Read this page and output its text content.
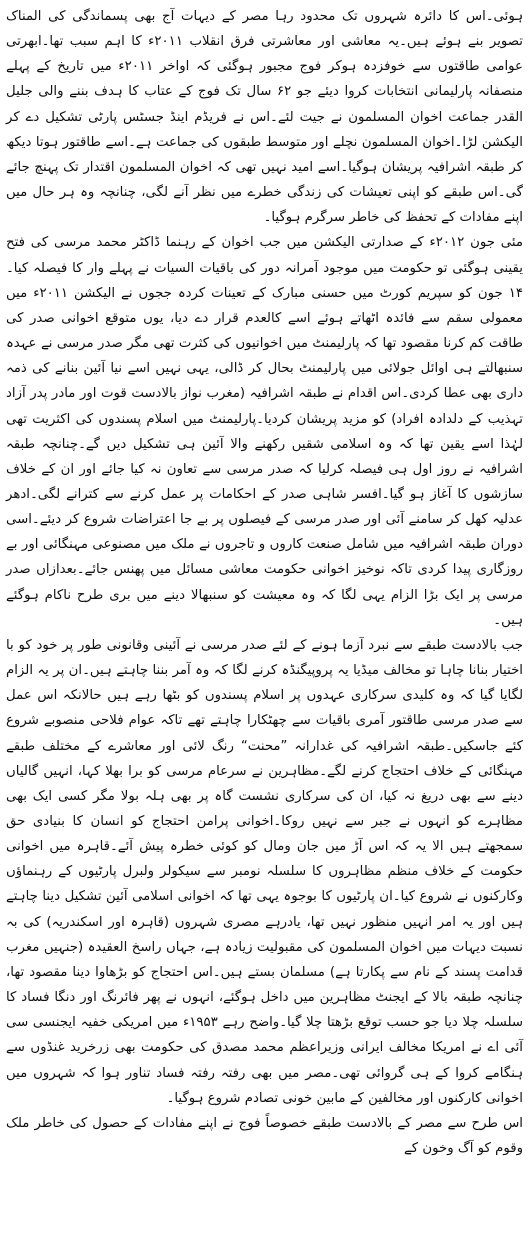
ہوئی۔اس کا دائرہ شہروں تک محدود رہا مصر کے دیہات آج بھی پسماندگی کی المناک تصویر بنے ہوئے ہیں۔یہ معاشی اور معاشرتی فرق انقلاب ۲۰۱۱ء کا اہم سبب تھا۔ابھرتی عوامی طاقتوں سے خوفزدہ ہوکر فوج مجبور ہوگئی کہ اواخر ۲۰۱۱ء میں تاریخ کے پہلے منصفانہ پارلیمانی انتخابات کروا دیئے جو ۶۲ سال تک فوج کے عتاب کا ہدف بننے والی جلیل القدر جماعت اخوان المسلمون نے جیت لئے۔اس نے فریڈم اینڈ جسٹس پارٹی تشکیل دے کر الیکشن لڑا۔اخوان المسلمون نچلے اور متوسط طبقوں کی جماعت ہے۔اسے طاقتور ہوتا دیکھ کر طبقہ اشرافیہ پریشان ہوگیا۔اسے امید نہیں تھی کہ اخوان المسلمون اقتدار تک پہنچ جائے گی۔اس طبقے کو اپنی تعیشات کی زندگی خطرے میں نظر آنے لگی، چنانچہ وہ ہر حال میں اپنے مفادات کے تحفظ کی خاطر سرگرم ہوگیا۔

مئی جون ۲۰۱۲ء کے صدارتی الیکشن میں جب اخوان کے رہنما ڈاکٹر محمد مرسی کی فتح یقینی ہوگئی تو حکومت میں موجود آمرانہ دور کی باقیات السیات نے پہلے وار کا فیصلہ کیا۔۱۴ جون کو سپریم کورٹ میں حسنی مبارک کے تعینات کردہ ججوں نے الیکشن ۲۰۱۱ء میں معمولی سقم سے فائدہ اٹھاتے ہوئے اسے کالعدم قرار دے دیا، یوں متوقع اخوانی صدر کی طاقت کم کرنا مقصود تھا کہ پارلیمنٹ میں اخوانیوں کی کثرت تھی مگر صدر مرسی نے عہدہ سنبھالتے ہی اوائل جولائی میں پارلیمنٹ بحال کر ڈالی، یہی نہیں اسے نیا آئین بنانے کی ذمہ داری بھی عطا کردی۔اس اقدام نے طبقہ اشرافیہ (مغرب نواز بالادست قوت اور مادر پدر آزاد تہذیب کے دلدادہ افراد) کو مزید پریشان کردیا۔پارلیمنٹ میں اسلام پسندوں کی اکثریت تھی لہٰذا اسے یقین تھا کہ وہ اسلامی شقیں رکھنے والا آئین ہی تشکیل دیں گے۔چنانچہ طبقہ اشرافیہ نے روز اول ہی فیصلہ کرلیا کہ صدر مرسی سے تعاون نہ کیا جائے اور ان کے خلاف سازشوں کا آغاز ہو گیا۔افسر شاہی صدر کے احکامات پر عمل کرنے سے کترانے لگی۔ادھر عدلیہ کھل کر سامنے آئی اور صدر مرسی کے فیصلوں پر بے جا اعتراضات شروع کر دیئے۔اسی دوران طبقہ اشرافیہ میں شامل صنعت کاروں و تاجروں نے ملک میں مصنوعی مہنگائی اور بے روزگاری پیدا کردی تاکہ نوخیز اخوانی حکومت معاشی مسائل میں پھنس جائے۔بعدازاں صدر مرسی پر ایک بڑا الزام یہی لگا کہ وہ معیشت کو سنبھالا دینے میں بری طرح ناکام ہوگئے ہیں۔

جب بالادست طبقے سے نبرد آزما ہونے کے لئے صدر مرسی نے آئینی وقانونی طور پر خود کو با اختیار بنانا چاہا تو مخالف میڈیا یہ پروپیگنڈہ کرنے لگا کہ وہ آمر بننا چاہتے ہیں۔ان پر یہ الزام لگایا گیا کہ وہ کلیدی سرکاری عہدوں پر اسلام پسندوں کو بٹھا رہے ہیں حالانکہ اس عمل سے صدر مرسی طاقتور آمری باقیات سے چھٹکارا چاہتے تھے تاکہ عوام فلاحی منصوبے شروع کئے جاسکیں۔طبقہ اشرافیہ کی غدارانہ ”محنت“ رنگ لائی اور معاشرے کے مختلف طبقے مہنگائی کے خلاف احتجاج کرنے لگے۔مظاہرین نے سرعام مرسی کو برا بھلا کہا، انہیں گالیاں دینے سے بھی دریغ نہ کیا، ان کی سرکاری نشست گاہ پر بھی ہلہ بولا مگر کسی ایک بھی مظاہرے کو انہوں نے جبر سے نہیں روکا۔اخوانی پرامن احتجاج کو انسان کا بنیادی حق سمجھتے ہیں الا یہ کہ اس آڑ میں جان ومال کو کوئی خطرہ پیش آئے۔قاہرہ میں اخوانی حکومت کے خلاف منظم مظاہروں کا سلسلہ نومبر سے سیکولر ولبرل پارٹیوں کے رہنماؤں وکارکنوں نے شروع کیا۔ان پارٹیوں کا بوجوہ یہی تھا کہ اخوانی اسلامی آئین تشکیل دینا چاہتے ہیں اور یہ امر انہیں منظور نہیں تھا، یادرہے مصری شہروں (قاہرہ اور اسکندریہ) کی بہ نسبت دیہات میں اخوان المسلمون کی مقبولیت زیادہ ہے، جہاں راسخ العقیدہ (جنہیں مغرب قدامت پسند کے نام سے پکارتا ہے) مسلمان بستے ہیں۔اس احتجاج کو بڑھاوا دینا مقصود تھا، چنانچہ طبقہ بالا کے ایجنٹ مظاہرین میں داخل ہوگئے، انہوں نے پھر فائرنگ اور دنگا فساد کا سلسلہ چلا دیا جو حسب توقع بڑھتا چلا گیا۔واضح رہے ۱۹۵۳ء میں امریکی خفیہ ایجنسی سی آئی اے نے امریکا مخالف ایرانی وزیراعظم محمد مصدق کی حکومت بھی زرخرید غنڈوں سے ہنگامے کروا کے ہی گروائی تھی۔مصر میں بھی رفتہ رفتہ فساد تناور ہوا کہ شہروں میں اخوانی کارکنوں اور مخالفین کے مابین خونی تصادم شروع ہوگیا۔

اس طرح سے مصر کے بالادست طبقے خصوصاً فوج نے اپنے مفادات کے حصول کی خاطر ملک وقوم کو آگ وخون کے
